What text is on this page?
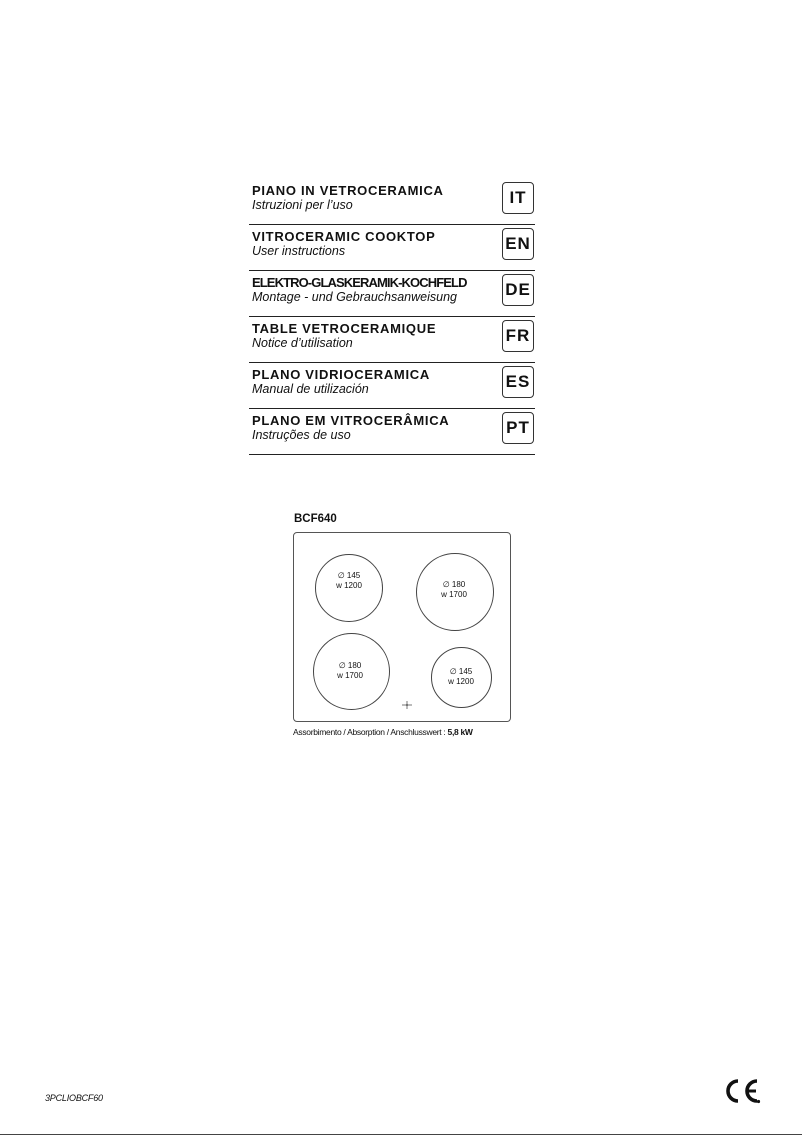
PIANO IN VETROCERAMICA
Istruzioni per l’uso	IT
VITROCERAMIC COOKTOP
User instructions	EN
ELEKTRO-GLASKERAMIK-KOCHFELD
Montage - und Gebrauchsanweisung	DE
TABLE VETROCERAMIQUE
Notice d’utilisation	FR
PLANO VIDRIOCERAMICA
Manual de utilización	ES
PLANO EM VITROCERÂMICA
Instruções de uso	PT
BCF640
∅ 145
w 1200	∅ 180
w 1700
∅ 180
w 1700	∅ 145
w 1200
Assorbimento / Absorption / Anschlusswert : 5,8 kW
3PCLIOBCF60
